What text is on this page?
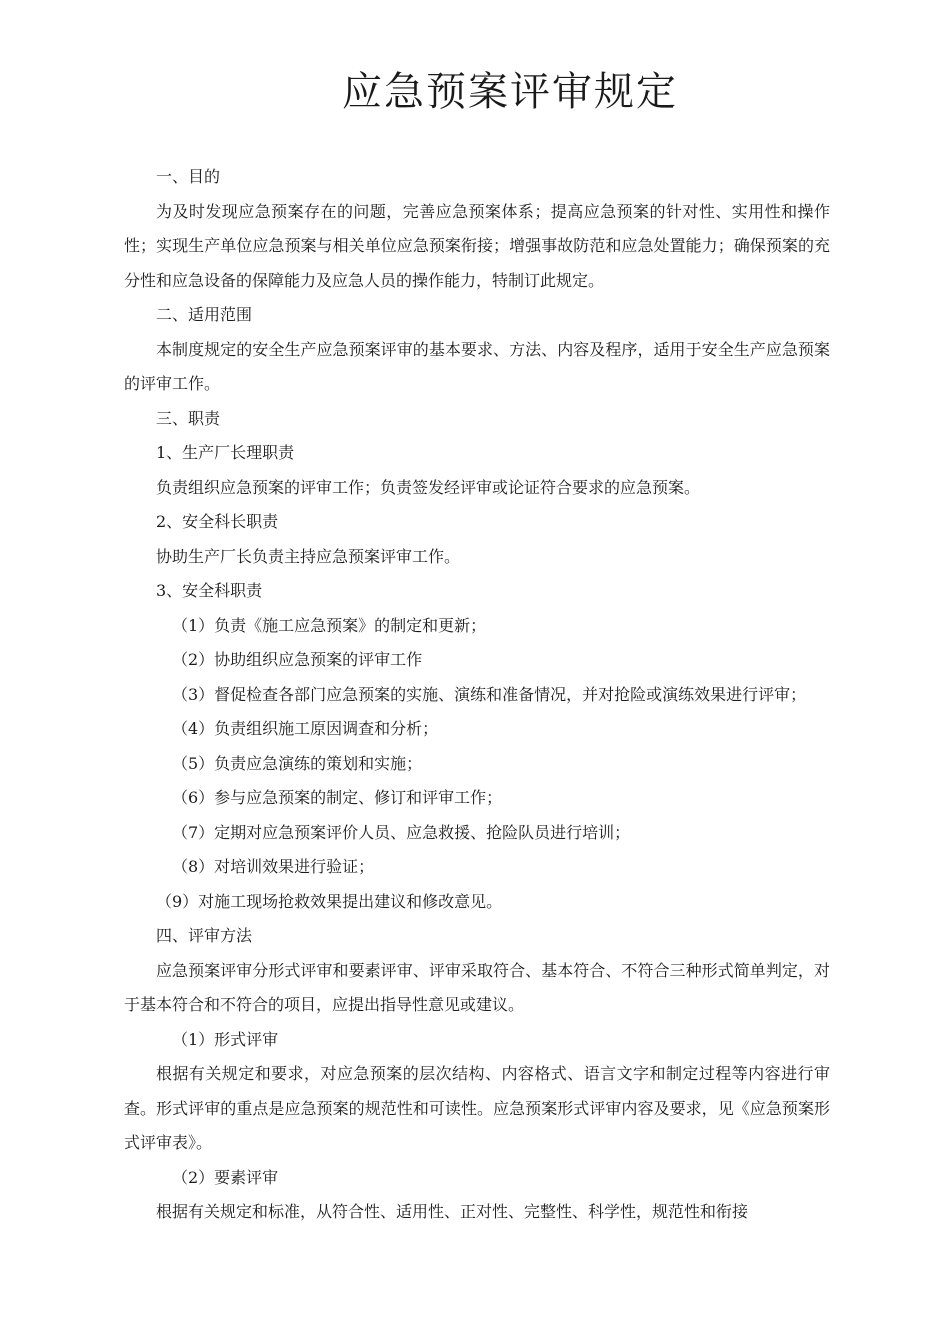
应急预案评审规定

一、目的

为及时发现应急预案存在的问题，完善应急预案体系；提高应急预案的针对性、实用性和操作性；实现生产单位应急预案与相关单位应急预案衔接；增强事故防范和应急处置能力；确保预案的充分性和应急设备的保障能力及应急人员的操作能力，特制订此规定。

二、适用范围

本制度规定的安全生产应急预案评审的基本要求、方法、内容及程序，适用于安全生产应急预案的评审工作。

三、职责

1、生产厂长理职责

负责组织应急预案的评审工作；负责签发经评审或论证符合要求的应急预案。

2、安全科长职责

协助生产厂长负责主持应急预案评审工作。

3、安全科职责

（1）负责《施工应急预案》的制定和更新；

（2）协助组织应急预案的评审工作

（3）督促检查各部门应急预案的实施、演练和准备情况，并对抢险或演练效果进行评审；

（4）负责组织施工原因调查和分析；

（5）负责应急演练的策划和实施；

（6）参与应急预案的制定、修订和评审工作；

（7）定期对应急预案评价人员、应急救援、抢险队员进行培训；

（8）对培训效果进行验证；

（9）对施工现场抢救效果提出建议和修改意见。

四、评审方法

应急预案评审分形式评审和要素评审、评审采取符合、基本符合、不符合三种形式简单判定，对于基本符合和不符合的项目，应提出指导性意见或建议。

（1）形式评审

根据有关规定和要求，对应急预案的层次结构、内容格式、语言文字和制定过程等内容进行审查。形式评审的重点是应急预案的规范性和可读性。应急预案形式评审内容及要求，见《应急预案形式评审表》。

（2）要素评审

根据有关规定和标准，从符合性、适用性、正对性、完整性、科学性，规范性和衔接
